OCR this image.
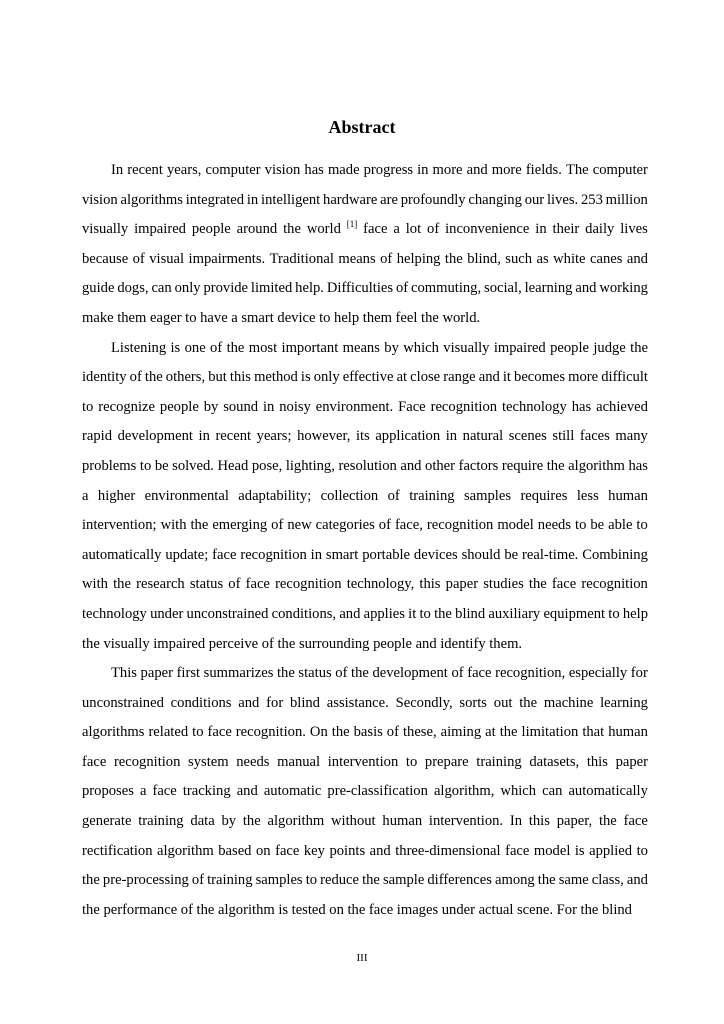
Abstract
In recent years, computer vision has made progress in more and more fields. The computer
vision algorithms integrated in intelligent hardware are profoundly changing our lives. 253 million
visually impaired people around the world [1] face a lot of inconvenience in their daily lives
because of visual impairments. Traditional means of helping the blind, such as white canes and
guide dogs, can only provide limited help. Difficulties of commuting, social, learning and working
make them eager to have a smart device to help them feel the world.
Listening is one of the most important means by which visually impaired people judge the
identity of the others, but this method is only effective at close range and it becomes more difficult
to recognize people by sound in noisy environment. Face recognition technology has achieved
rapid development in recent years; however, its application in natural scenes still faces many
problems to be solved. Head pose, lighting, resolution and other factors require the algorithm has
a higher environmental adaptability; collection of training samples requires less human
intervention; with the emerging of new categories of face, recognition model needs to be able to
automatically update; face recognition in smart portable devices should be real-time. Combining
with the research status of face recognition technology, this paper studies the face recognition
technology under unconstrained conditions, and applies it to the blind auxiliary equipment to help
the visually impaired perceive of the surrounding people and identify them.
This paper first summarizes the status of the development of face recognition, especially for
unconstrained conditions and for blind assistance. Secondly, sorts out the machine learning
algorithms related to face recognition. On the basis of these, aiming at the limitation that human
face recognition system needs manual intervention to prepare training datasets, this paper
proposes a face tracking and automatic pre-classification algorithm, which can automatically
generate training data by the algorithm without human intervention. In this paper, the face
rectification algorithm based on face key points and three-dimensional face model is applied to
the pre-processing of training samples to reduce the sample differences among the same class, and
the performance of the algorithm is tested on the face images under actual scene. For the blind
III
